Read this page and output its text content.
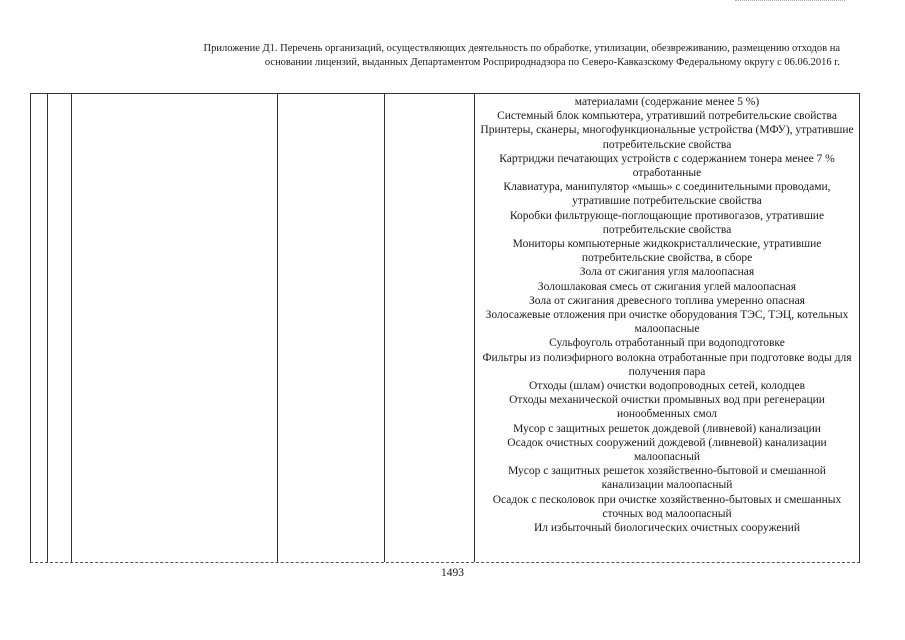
Приложение Д1. Перечень организаций, осуществляющих деятельность по обработке, утилизации, обезвреживанию, размещению отходов на
основании лицензий, выданных Департаментом Росприроднадзора по Северо-Кавказскому Федеральному округу с 06.06.2016 г.
материалами (содержание менее 5 %)
Системный блок компьютера, утративший потребительские свойства
Принтеры, сканеры, многофункциональные устройства (МФУ), утратившие потребительские свойства
Картриджи печатающих устройств с содержанием тонера менее 7 % отработанные
Клавиатура, манипулятор «мышь» с соединительными проводами, утратившие потребительские свойства
Коробки фильтрующе-поглощающие противогазов, утратившие потребительские свойства
Мониторы компьютерные жидкокристаллические, утратившие потребительские свойства, в сборе
Зола от сжигания угля малоопасная
Золошлаковая смесь от сжигания углей малоопасная
Зола от сжигания древесного топлива умеренно опасная
Золосажевые отложения при очистке оборудования ТЭС, ТЭЦ, котельных малоопасные
Сульфоуголь отработанный при водоподготовке
Фильтры из полиэфирного волокна отработанные при подготовке воды для получения пара
Отходы (шлам) очистки водопроводных сетей, колодцев
Отходы механической очистки промывных вод при регенерации ионообменных смол
Мусор с защитных решеток дождевой (ливневой) канализации
Осадок очистных сооружений дождевой (ливневой) канализации малоопасный
Мусор с защитных решеток хозяйственно-бытовой и смешанной канализации малоопасный
Осадок с песколовок при очистке хозяйственно-бытовых и смешанных сточных вод малоопасный
Ил избыточный биологических очистных сооружений
1493
